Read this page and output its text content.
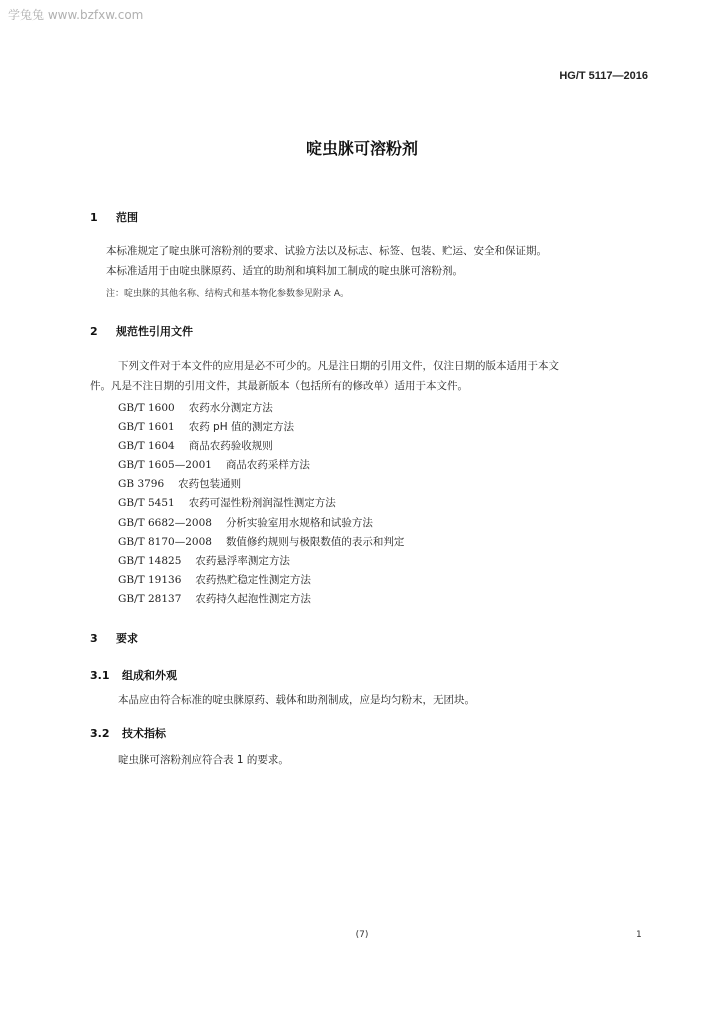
学兔兔 www.bzfxw.com
HG/T 5117—2016
啶虫脒可溶粉剂
1 范围
本标准规定了啶虫脒可溶粉剂的要求、试验方法以及标志、标签、包装、贮运、安全和保证期。
本标准适用于由啶虫脒原药、适宜的助剂和填料加工制成的啶虫脒可溶粉剂。
注：啶虫脒的其他名称、结构式和基本物化参数参见附录 A。
2 规范性引用文件
下列文件对于本文件的应用是必不可少的。凡是注日期的引用文件，仅注日期的版本适用于本文
件。凡是不注日期的引用文件，其最新版本（包括所有的修改单）适用于本文件。
GB/T 1600 农药水分测定方法
GB/T 1601 农药 pH 值的测定方法
GB/T 1604 商品农药验收规则
GB/T 1605—2001 商品农药采样方法
GB 3796 农药包装通则
GB/T 5451 农药可湿性粉剂润湿性测定方法
GB/T 6682—2008 分析实验室用水规格和试验方法
GB/T 8170—2008 数值修约规则与极限数值的表示和判定
GB/T 14825 农药悬浮率测定方法
GB/T 19136 农药热贮稳定性测定方法
GB/T 28137 农药持久起泡性测定方法
3 要求
3.1 组成和外观
本品应由符合标准的啶虫脒原药、载体和助剂制成，应是均匀粉末，无团块。
3.2 技术指标
啶虫脒可溶粉剂应符合表 1 的要求。
(7)	1
